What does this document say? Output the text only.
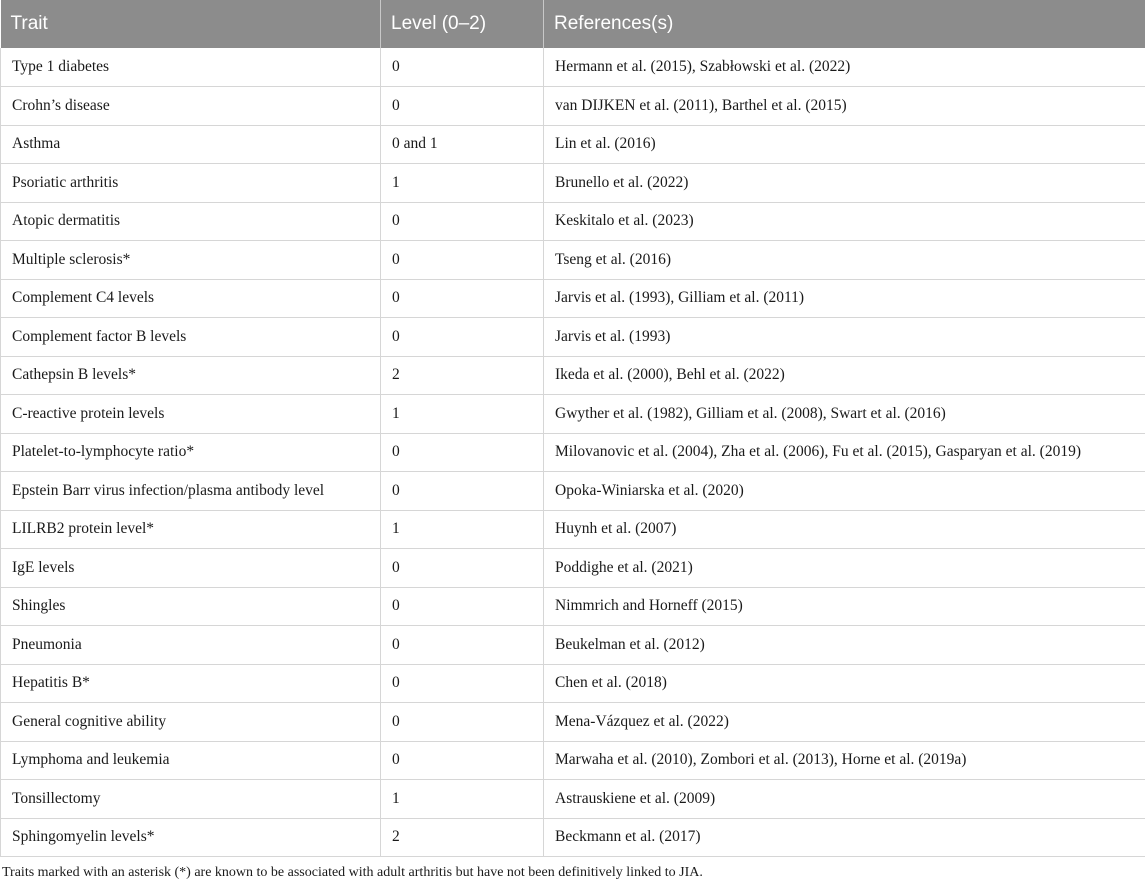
Trait	Level (0–2)	References(s)
Type 1 diabetes	0	Hermann et al. (2015), Szabłowski et al. (2022)
Crohn’s disease	0	van DIJKEN et al. (2011), Barthel et al. (2015)
Asthma	0 and 1	Lin et al. (2016)
Psoriatic arthritis	1	Brunello et al. (2022)
Atopic dermatitis	0	Keskitalo et al. (2023)
Multiple sclerosis*	0	Tseng et al. (2016)
Complement C4 levels	0	Jarvis et al. (1993), Gilliam et al. (2011)
Complement factor B levels	0	Jarvis et al. (1993)
Cathepsin B levels*	2	Ikeda et al. (2000), Behl et al. (2022)
C-reactive protein levels	1	Gwyther et al. (1982), Gilliam et al. (2008), Swart et al. (2016)
Platelet-to-lymphocyte ratio*	0	Milovanovic et al. (2004), Zha et al. (2006), Fu et al. (2015), Gasparyan et al. (2019)
Epstein Barr virus infection/plasma antibody level	0	Opoka-Winiarska et al. (2020)
LILRB2 protein level*	1	Huynh et al. (2007)
IgE levels	0	Poddighe et al. (2021)
Shingles	0	Nimmrich and Horneff (2015)
Pneumonia	0	Beukelman et al. (2012)
Hepatitis B*	0	Chen et al. (2018)
General cognitive ability	0	Mena-Vázquez et al. (2022)
Lymphoma and leukemia	0	Marwaha et al. (2010), Zombori et al. (2013), Horne et al. (2019a)
Tonsillectomy	1	Astrauskiene et al. (2009)
Sphingomyelin levels*	2	Beckmann et al. (2017)
Traits marked with an asterisk (*) are known to be associated with adult arthritis but have not been definitively linked to JIA.
